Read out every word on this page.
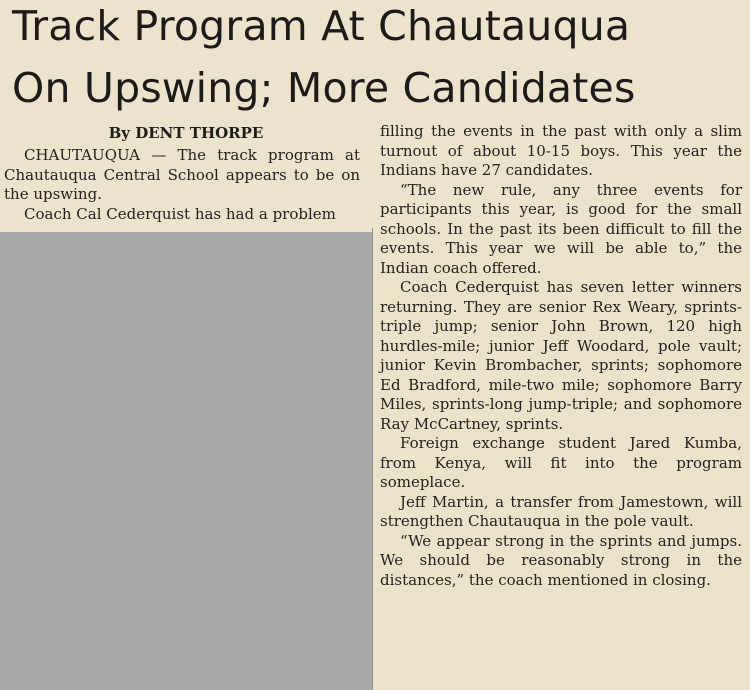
Track Program At Chautauqua
On Upswing; More Candidates
By DENT THORPE

CHAUTAUQUA — The track program at Chautauqua Central School appears to be on the upswing.

Coach Cal Cederquist has had a problem

filling the events in the past with only a slim turnout of about 10-15 boys. This year the Indians have 27 candidates.

“The new rule, any three events for participants this year, is good for the small schools. In the past its been difficult to fill the events. This year we will be able to,” the Indian coach offered.

Coach Cederquist has seven letter winners returning. They are senior Rex Weary, sprints-triple jump; senior John Brown, 120 high hurdles-mile; junior Jeff Woodard, pole vault; junior Kevin Brombacher, sprints; sophomore Ed Bradford, mile-two mile; sophomore Barry Miles, sprints-long jump-triple; and sophomore Ray McCartney, sprints.

Foreign exchange student Jared Kumba, from Kenya, will fit into the program someplace.

Jeff Martin, a transfer from Jamestown, will strengthen Chautauqua in the pole vault.

“We appear strong in the sprints and jumps. We should be reasonably strong in the distances,” the coach mentioned in closing.
